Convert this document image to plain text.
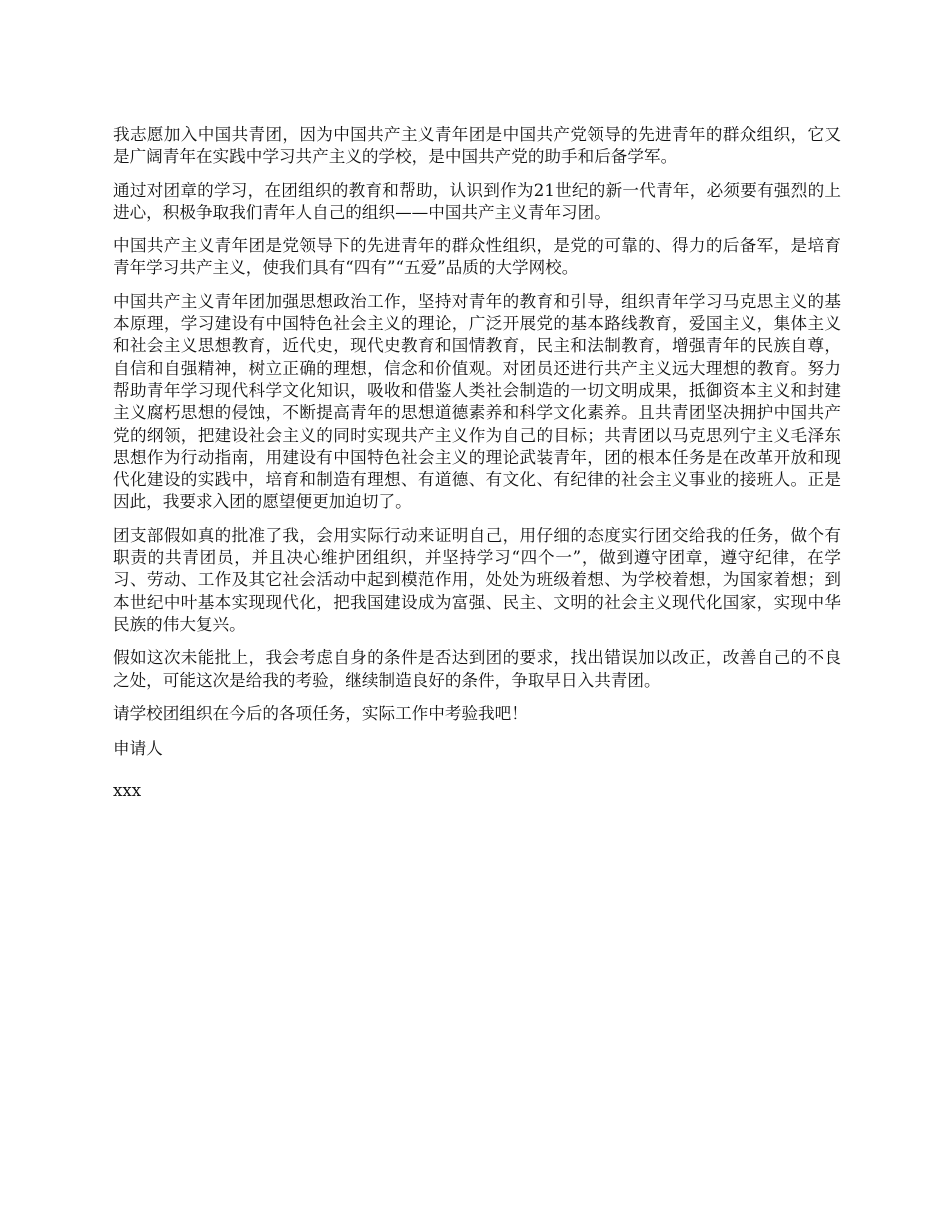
我志愿加入中国共青团，因为中国共产主义青年团是中国共产党领导的先进青年的群众组织，它又是广阔青年在实践中学习共产主义的学校，是中国共产党的助手和后备学军。

通过对团章的学习，在团组织的教育和帮助，认识到作为21世纪的新一代青年，必须要有强烈的上进心，积极争取我们青年人自己的组织——中国共产主义青年习团。

中国共产主义青年团是党领导下的先进青年的群众性组织，是党的可靠的、得力的后备军，是培育青年学习共产主义，使我们具有“四有”“五爱”品质的大学网校。

中国共产主义青年团加强思想政治工作，坚持对青年的教育和引导，组织青年学习马克思主义的基本原理，学习建设有中国特色社会主义的理论，广泛开展党的基本路线教育，爱国主义，集体主义和社会主义思想教育，近代史，现代史教育和国情教育，民主和法制教育，增强青年的民族自尊，自信和自强精神，树立正确的理想，信念和价值观。对团员还进行共产主义远大理想的教育。努力帮助青年学习现代科学文化知识，吸收和借鉴人类社会制造的一切文明成果，抵御资本主义和封建主义腐朽思想的侵蚀，不断提高青年的思想道德素养和科学文化素养。且共青团坚决拥护中国共产党的纲领，把建设社会主义的同时实现共产主义作为自己的目标；共青团以马克思列宁主义毛泽东思想作为行动指南，用建设有中国特色社会主义的理论武装青年，团的根本任务是在改革开放和现代化建设的实践中，培育和制造有理想、有道德、有文化、有纪律的社会主义事业的接班人。正是因此，我要求入团的愿望便更加迫切了。

团支部假如真的批准了我，会用实际行动来证明自己，用仔细的态度实行团交给我的任务，做个有职责的共青团员，并且决心维护团组织，并坚持学习“四个一”，做到遵守团章，遵守纪律，在学习、劳动、工作及其它社会活动中起到模范作用，处处为班级着想、为学校着想，为国家着想；到本世纪中叶基本实现现代化，把我国建设成为富强、民主、文明的社会主义现代化国家，实现中华民族的伟大复兴。

假如这次未能批上，我会考虑自身的条件是否达到团的要求，找出错误加以改正，改善自己的不良之处，可能这次是给我的考验，继续制造良好的条件，争取早日入共青团。

请学校团组织在今后的各项任务，实际工作中考验我吧！

申请人

xxx
